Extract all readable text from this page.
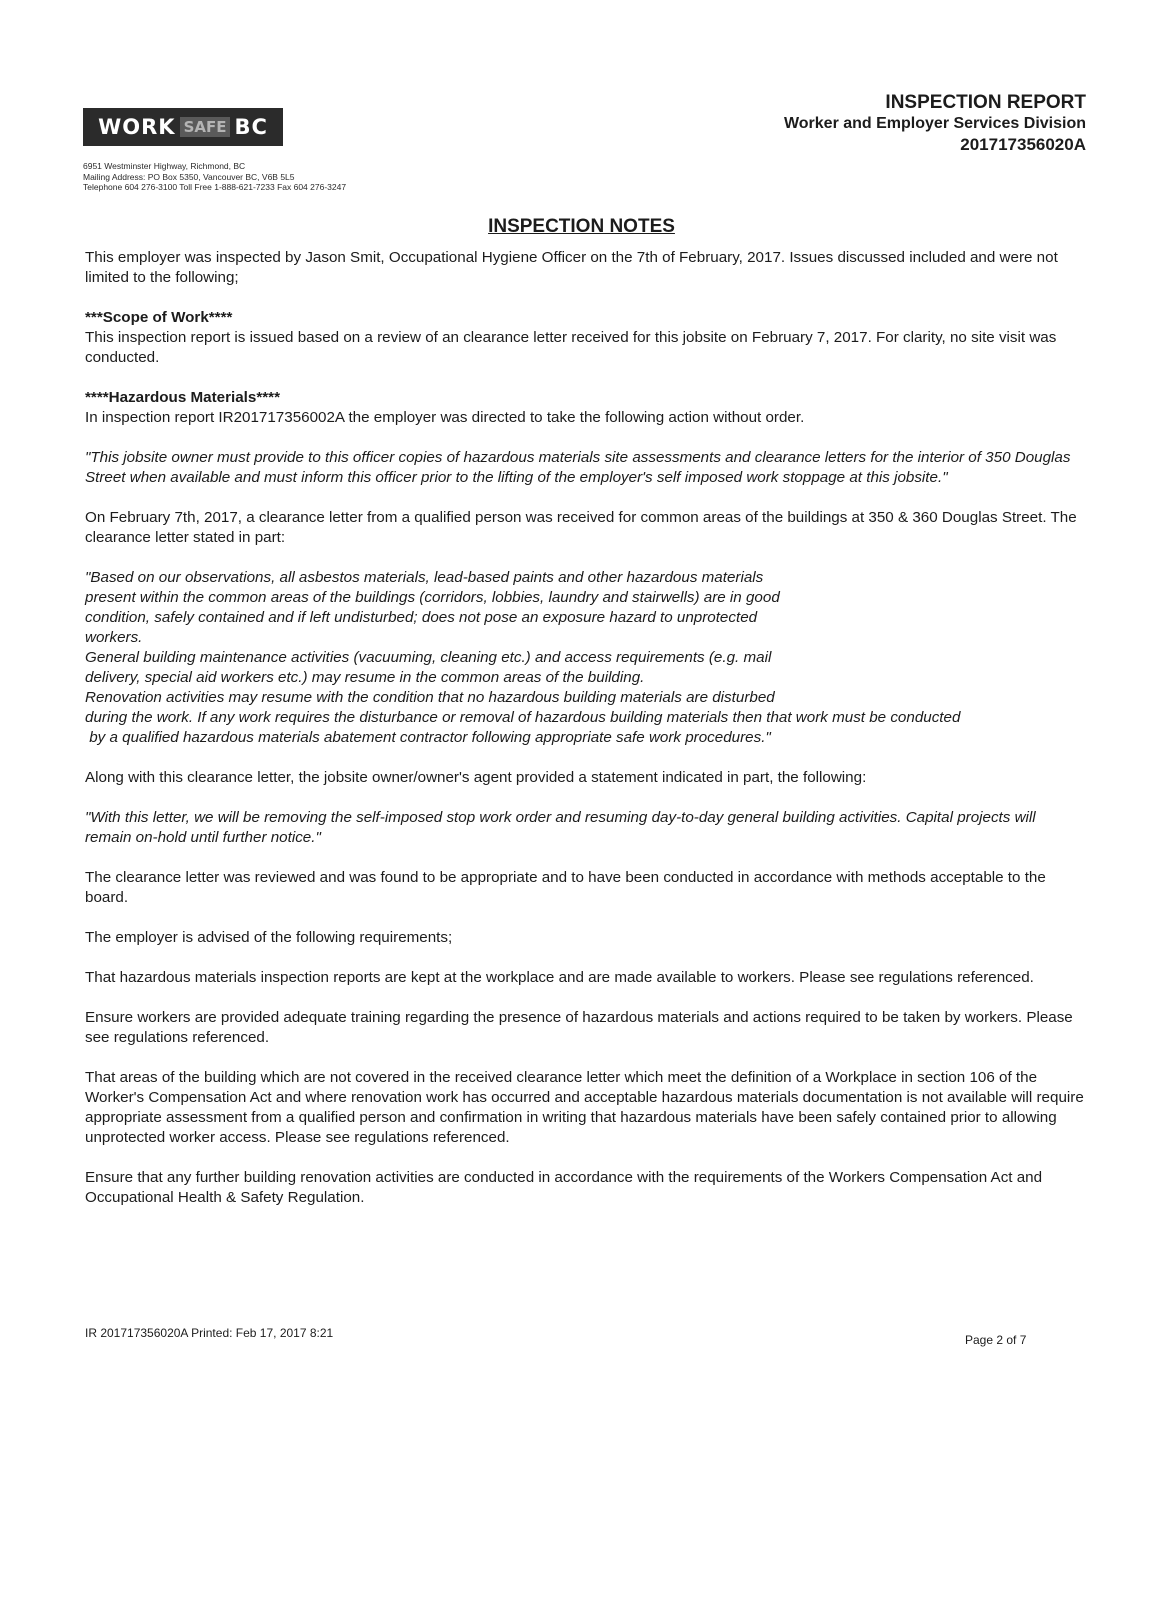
WORK SAFE BC
6951 Westminster Highway, Richmond, BC
Mailing Address: PO Box 5350, Vancouver BC, V6B 5L5
Telephone 604 276-3100 Toll Free 1-888-621-7233 Fax 604 276-3247
INSPECTION REPORT
Worker and Employer Services Division
201717356020A
INSPECTION NOTES

This employer was inspected by Jason Smit, Occupational Hygiene Officer on the 7th of February, 2017. Issues discussed included and were not limited to the following;

***Scope of Work****

This inspection report is issued based on a review of an clearance letter received for this jobsite on February 7, 2017. For clarity, no site visit was conducted.

****Hazardous Materials****

In inspection report IR201717356002A the employer was directed to take the following action without order.

"This jobsite owner must provide to this officer copies of hazardous materials site assessments and clearance letters for the interior of 350 Douglas Street when available and must inform this officer prior to the lifting of the employer's self imposed work stoppage at this jobsite."

On February 7th, 2017, a clearance letter from a qualified person was received for common areas of the buildings at 350 & 360 Douglas Street. The clearance letter stated in part:

"Based on our observations, all asbestos materials, lead-based paints and other hazardous materials
present within the common areas of the buildings (corridors, lobbies, laundry and stairwells) are in good
condition, safely contained and if left undisturbed; does not pose an exposure hazard to unprotected
workers.
General building maintenance activities (vacuuming, cleaning etc.) and access requirements (e.g. mail
delivery, special aid workers etc.) may resume in the common areas of the building.
Renovation activities may resume with the condition that no hazardous building materials are disturbed
during the work. If any work requires the disturbance or removal of hazardous building materials then that work must be conducted
by a qualified hazardous materials abatement contractor following appropriate safe work procedures."

Along with this clearance letter, the jobsite owner/owner's agent provided a statement indicated in part, the following:

"With this letter, we will be removing the self-imposed stop work order and resuming day-to-day general building activities. Capital projects will remain on-hold until further notice."

The clearance letter was reviewed and was found to be appropriate and to have been conducted in accordance with methods acceptable to the board.

The employer is advised of the following requirements;

That hazardous materials inspection reports are kept at the workplace and are made available to workers. Please see regulations referenced.

Ensure workers are provided adequate training regarding the presence of hazardous materials and actions required to be taken by workers. Please see regulations referenced.

That areas of the building which are not covered in the received clearance letter which meet the definition of a Workplace in section 106 of the Worker's Compensation Act and where renovation work has occurred and acceptable hazardous materials documentation is not available will require appropriate assessment from a qualified person and confirmation in writing that hazardous materials have been safely contained prior to allowing unprotected worker access. Please see regulations referenced.

Ensure that any further building renovation activities are conducted in accordance with the requirements of the Workers Compensation Act and Occupational Health & Safety Regulation.

IR 201717356020A Printed: Feb 17, 2017 8:21	Page 2 of 7
